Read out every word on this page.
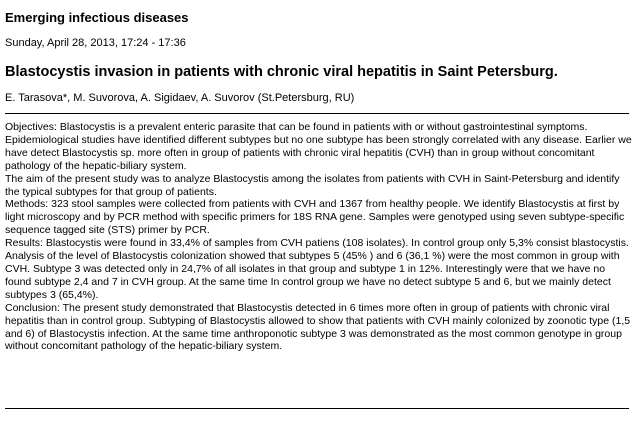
Emerging infectious diseases
Sunday, April 28, 2013, 17:24 - 17:36
Blastocystis invasion in patients with chronic viral hepatitis in Saint Petersburg.
E. Tarasova*, M. Suvorova, A. Sigidaev, A. Suvorov (St.Petersburg, RU)

Objectives: Blastocystis is a prevalent enteric parasite that can be found in patients with or without gastrointestinal symptoms. Epidemiological studies have identified different subtypes but no one subtype has been strongly correlated with any disease. Earlier we have detect Blastocystis sp. more often in group of patients with chronic viral hepatitis (CVH) than in group without concomitant pathology of the hepatic-biliary system.

The aim of the present study was to analyze Blastocystis among the isolates from patients with CVH in Saint-Petersburg and identify the typical subtypes for that group of patients.

Methods: 323 stool samples were collected from patients with CVH and 1367 from healthy people. We identify Blastocystis at first by light microscopy and by PCR method with specific primers for 18S RNA gene. Samples were genotyped using seven subtype-specific sequence tagged site (STS) primer by PCR.

Results: Blastocystis were found in 33,4% of samples from CVH patiens (108 isolates). In control group only 5,3% consist blastocystis. Analysis of the level of Blastocystis colonization showed that subtypes 5 (45% ) and 6 (36,1 %) were the most common in group with CVH. Subtype 3 was detected only in 24,7% of all isolates in that group and subtype 1 in 12%. Interestingly were that we have no found subtype 2,4 and 7 in CVH group. At the same time In control group we have no detect subtype 5 and 6, but we mainly detect subtypes 3 (65,4%).

Conclusion: The present study demonstrated that Blastocystis detected in 6 times more often in group of patients with chronic viral hepatitis than in control group. Subtyping of Blastocystis allowed to show that patients with CVH mainly colonized by zoonotic type (1,5 and 6) of Blastocystis infection. At the same time anthroponotic subtype 3 was demonstrated as the most common genotype in group without concomitant pathology of the hepatic-biliary system.
